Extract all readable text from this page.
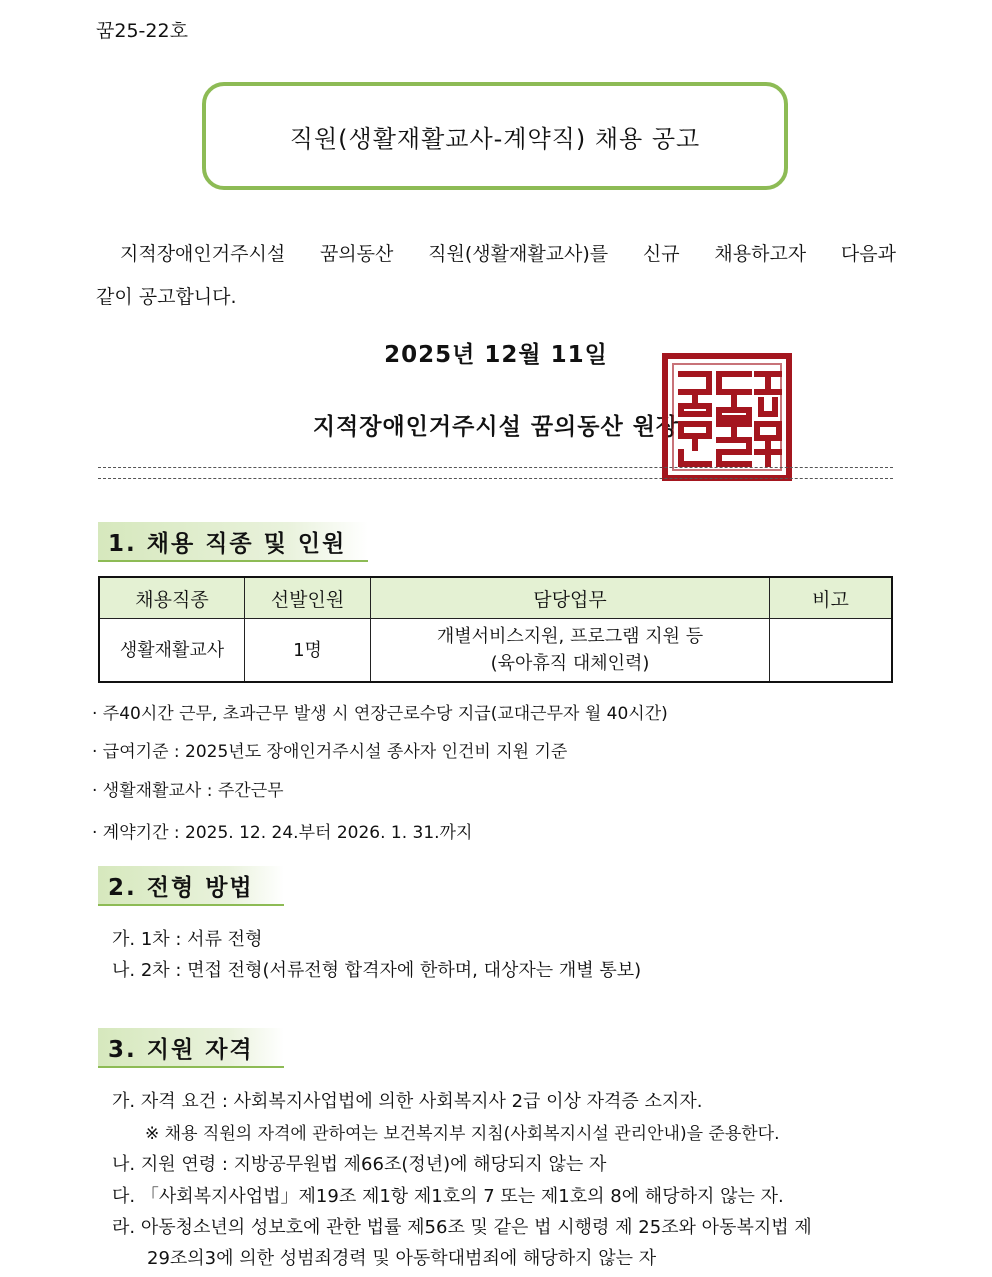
꿈25-22호
직원(생활재활교사-계약직) 채용 공고
지적장애인거주시설 꿈의동산 직원(생활재활교사)를 신규 채용하고자 다음과
같이 공고합니다.
2025년 12월 11일
지적장애인거주시설 꿈의동산 원장
1. 채용 직종 및 인원
채용직종	선발인원	담당업무	비고
생활재활교사	1명	개별서비스지원, 프로그램 지원 등
(육아휴직 대체인력)	

· 주40시간 근무, 초과근무 발생 시 연장근로수당 지급(교대근무자 월 40시간)
· 급여기준 : 2025년도 장애인거주시설 종사자 인건비 지원 기준
· 생활재활교사 : 주간근무
· 계약기간 : 2025. 12. 24.부터 2026. 1. 31.까지
2. 전형 방법
가. 1차 : 서류 전형
나. 2차 : 면접 전형(서류전형 합격자에 한하며, 대상자는 개별 통보)
3. 지원 자격
가. 자격 요건 : 사회복지사업법에 의한 사회복지사 2급 이상 자격증 소지자.
※ 채용 직원의 자격에 관하여는 보건복지부 지침(사회복지시설 관리안내)을 준용한다.
나. 지원 연령 : 지방공무원법 제66조(정년)에 해당되지 않는 자
다. 「사회복지사업법」제19조 제1항 제1호의 7 또는 제1호의 8에 해당하지 않는 자.
라. 아동청소년의 성보호에 관한 법률 제56조 및 같은 법 시행령 제 25조와 아동복지법 제
29조의3에 의한 성범죄경력 및 아동학대범죄에 해당하지 않는 자
